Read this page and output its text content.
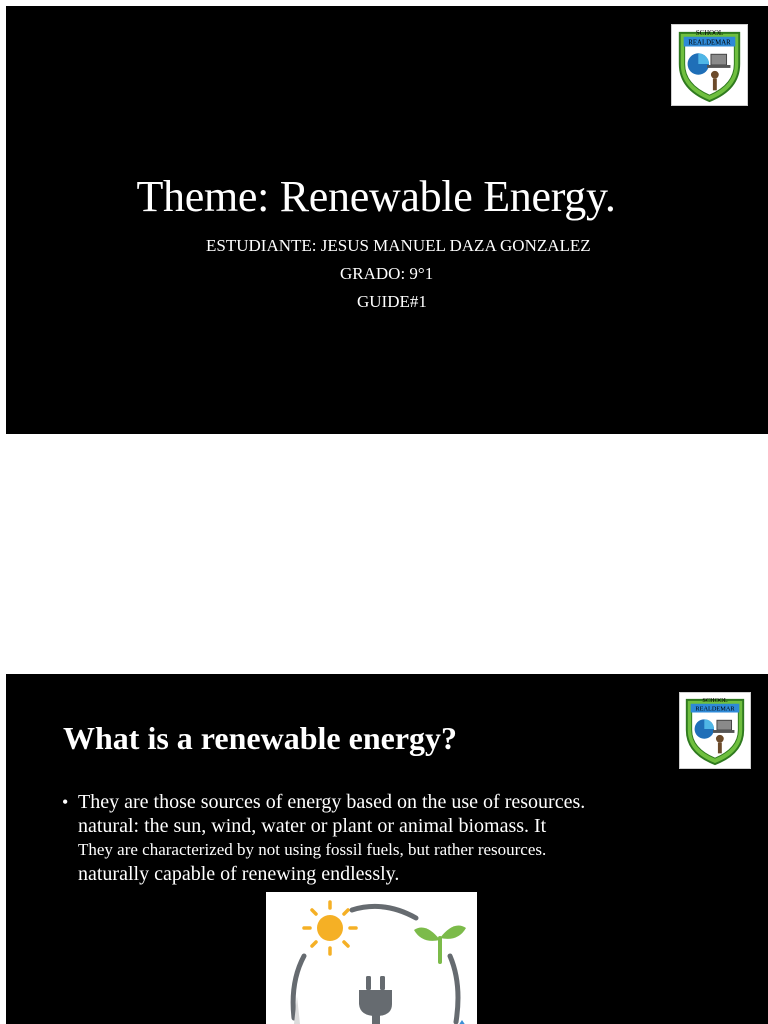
SCHOOL
REALDEMAR
Theme: Renewable Energy.
ESTUDIANTE: JESUS MANUEL DAZA GONZALEZ
GRADO: 9°1
GUIDE#1
SCHOOL
REALDEMAR
What is a renewable energy?
• They are those sources of energy based on the use of resources.
natural: the sun, wind, water or plant or animal biomass. It
They are characterized by not using fossil fuels, but rather resources.
naturally capable of renewing endlessly.
